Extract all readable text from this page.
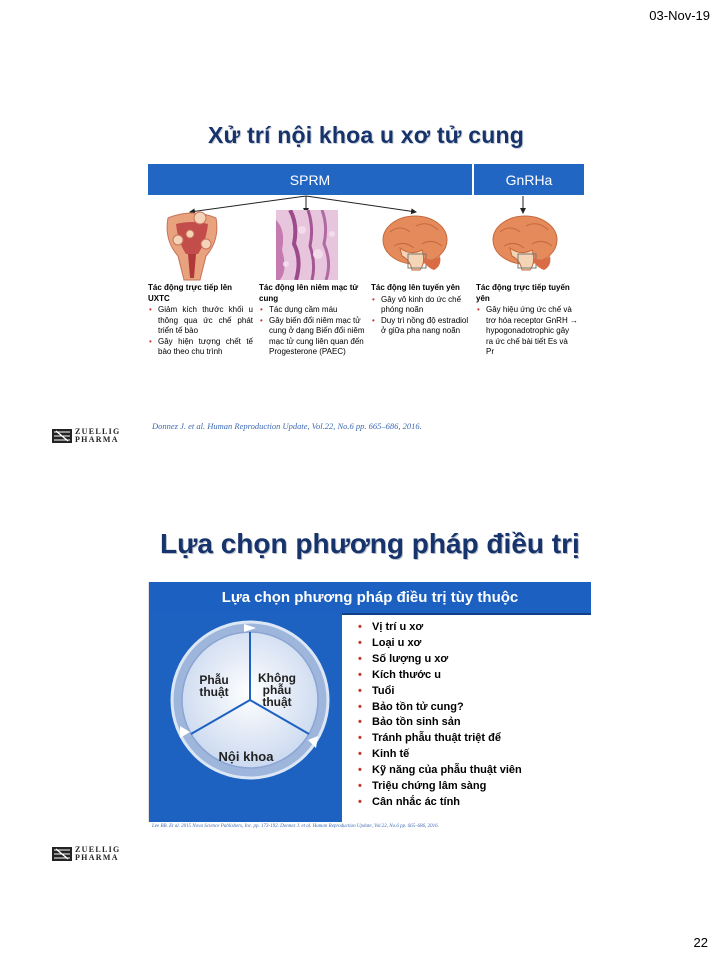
03-Nov-19
Xử trí nội khoa u xơ tử cung
SPRM	GnRHa
Tác động trực tiếp lên UXTC
• Giảm kích thước khối u thông qua ức chế phát triển tế bào
• Gây hiện tượng chết tế bào theo chu trình
Tác động lên niêm mạc tử cung
• Tác dụng cầm máu
• Gây biến đổi niêm mạc tử cung ở dạng Biến đổi niêm mạc tử cung liên quan đến Progesterone (PAEC)
Tác động lên tuyến yên
• Gây vô kinh do ức chế phóng noãn
• Duy trì nồng độ estradiol ở giữa pha nang noãn
Tác động trực tiếp tuyến yên
• Gây hiệu ứng ức chế và trơ hóa receptor GnRH → hypogonadotrophic gây ra ức chế bài tiết Es và Pr
Donnez J. et al. Human Reproduction Update, Vol.22, No.6 pp. 665–686, 2016.
ZUELLIG
PHARMA
Lựa chọn phương pháp điều trị
Lựa chọn phương pháp điều trị tùy thuộc
Phẫu thuật
Không phẫu thuật
Nội khoa
• Vị trí u xơ
• Loại u xơ
• Số lượng u xơ
• Kích thước u
• Tuổi
• Bảo tồn tử cung?
• Bảo tồn sinh sản
• Tránh phẫu thuật triệt để
• Kinh tế
• Kỹ năng của phẫu thuật viên
• Triệu chứng lâm sàng
• Cân nhắc ác tính
Lee BB. Et al. 2015 Nova Science Publishers, Inc. pp. 173-192. Donnez J. et al. Human Reproduction Update, Vol.22, No.6 pp. 665–686, 2016.
ZUELLIG
PHARMA
22
